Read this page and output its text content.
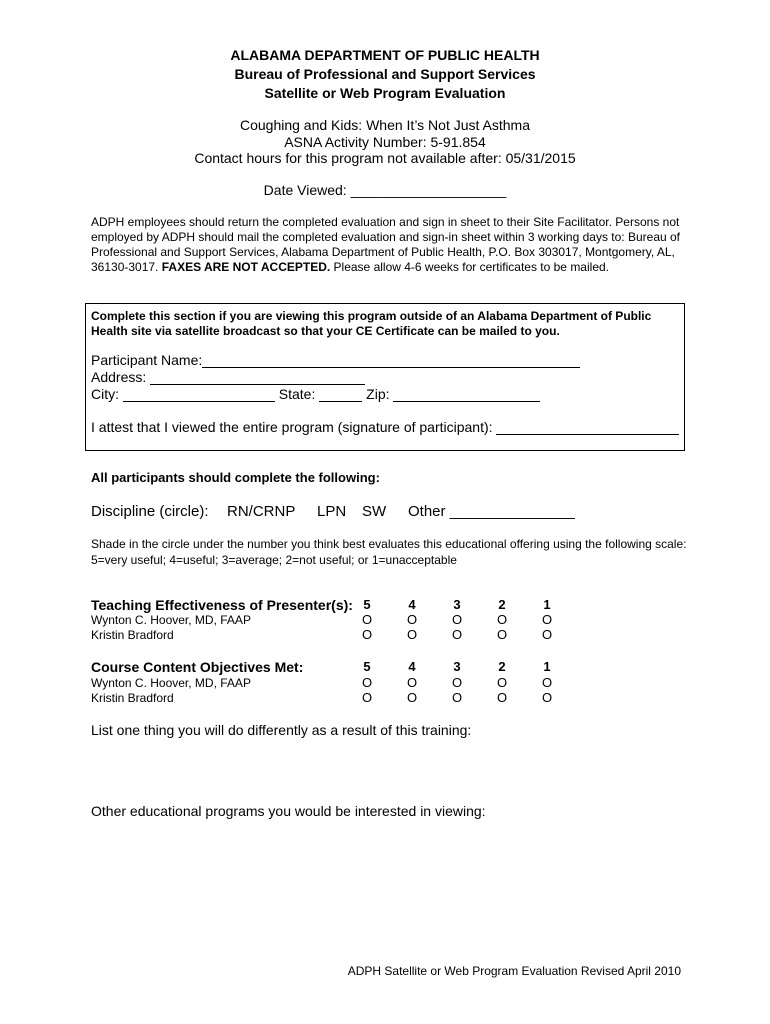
ALABAMA DEPARTMENT OF PUBLIC HEALTH
Bureau of Professional and Support Services
Satellite or Web Program Evaluation
Coughing and Kids: When It’s Not Just Asthma
ASNA Activity Number: 5-91.854
Contact hours for this program not available after: 05/31/2015
Date Viewed: ____________________
ADPH employees should return the completed evaluation and sign in sheet to their Site Facilitator. Persons not employed by ADPH should mail the completed evaluation and sign-in sheet within 3 working days to: Bureau of Professional and Support Services, Alabama Department of Public Health, P.O. Box 303017, Montgomery, AL, 36130-3017. FAXES ARE NOT ACCEPTED. Please allow 4-6 weeks for certificates to be mailed.
Complete this section if you are viewing this program outside of an Alabama Department of Public Health site via satellite broadcast so that your CE Certificate can be mailed to you.
Participant Name:
Address:
City:	State:	Zip:
I attest that I viewed the entire program (signature of participant):
All participants should complete the following:
Discipline (circle): RN/CRNP LPN SW Other _______________
Shade in the circle under the number you think best evaluates this educational offering using the following scale: 5=very useful; 4=useful; 3=average; 2=not useful; or 1=unacceptable
Teaching Effectiveness of Presenter(s): 5	4	3	2	1
Wynton C. Hoover, MD, FAAP	O	O	O	O	O
Kristin Bradford	O	O	O	O	O
Course Content Objectives Met:	5	4	3	2	1
Wynton C. Hoover, MD, FAAP	O	O	O	O	O
Kristin Bradford	O	O	O	O	O
List one thing you will do differently as a result of this training:
Other educational programs you would be interested in viewing:
ADPH Satellite or Web Program Evaluation Revised April 2010
